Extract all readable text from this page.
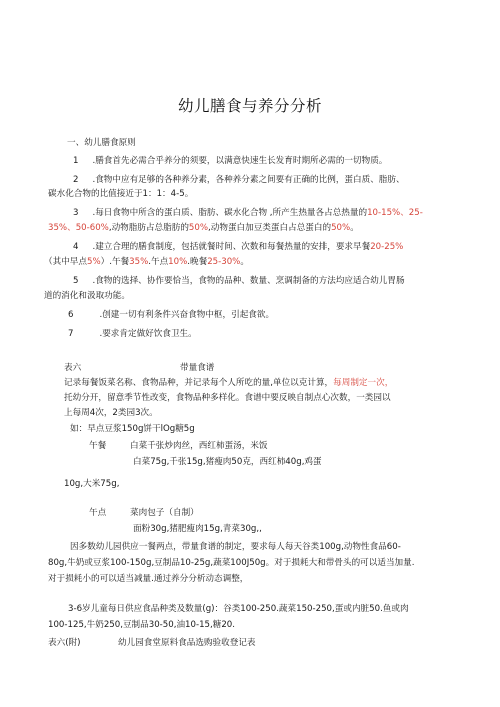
幼儿膳食与养分分析
一、幼儿膳食原则
1 .膳食首先必需合乎养分的须要，以满意快速生长发育时期所必需的一切物质。
2 .食物中应有足够的各种养分素，各种养分素之间要有正确的比例，蛋白质、脂肪、
碳水化合物的比值接近于1：1：4-5。
3 .每日食物中所含的蛋白质、脂肪、碳水化合物 ,所产生热量各占总热量的10-15%、25-
35%、50-60%,动物脂肪占总脂肪的50%,动物蛋白加豆类蛋白占总蛋白的50%。
4 .建立合理的膳食制度，包括就餐时间、次数和每餐热量的安排，要求早餐20-25%
（其中早点5%）.午餐35%.午点10%.晚餐25-30%。
5 .食物的选择、协作要恰当，食物的品种、数量、烹调制备的方法均应适合幼儿胃肠
道的消化和汲取功能。
6	.创建一切有利条件兴奋食物中枢，引起食欲。
7	.要求肯定做好饮食卫生。
表六	带量食谱
记录每餐饭菜名称、食物品种，并记录每个人所吃的量,单位以克计算，每周制定一次，
托幼分开，留意季节性改变，食物品种多样化。食谱中要反映自制点心次数，一类园以
上每周4次，2类园3次。
如：早点豆浆150g饼干lOg糖5g
午餐	白菜千张炒肉丝，西红柿蛋汤，米饭
白菜75g,千张15g,猪瘦肉50克，西红柿40g,鸡蛋
10g,大米75g,
午点	菜肉包子（自制）
面粉30g,猪肥瘦肉15g,青菜30g,,
因多数幼儿园供应一餐两点，带量食谱的制定，要求每人每天谷类100g,动物性食品60-
80g,牛奶或豆浆100-150g,豆制品10-25g,蔬菜100J50g。对于损耗大和带骨头的可以适当加量.
对于损耗小的可以适当减量.通过养分分析动态调整，
3-6岁儿童每日供应食品种类及数量(g)：谷类100-250.蔬菜150-250,蛋或内脏50.鱼或肉
100-125,牛奶250,豆制品30-50,油10-15,糖20.
表六(附)	幼儿园食堂原料食品选购验收登记表
